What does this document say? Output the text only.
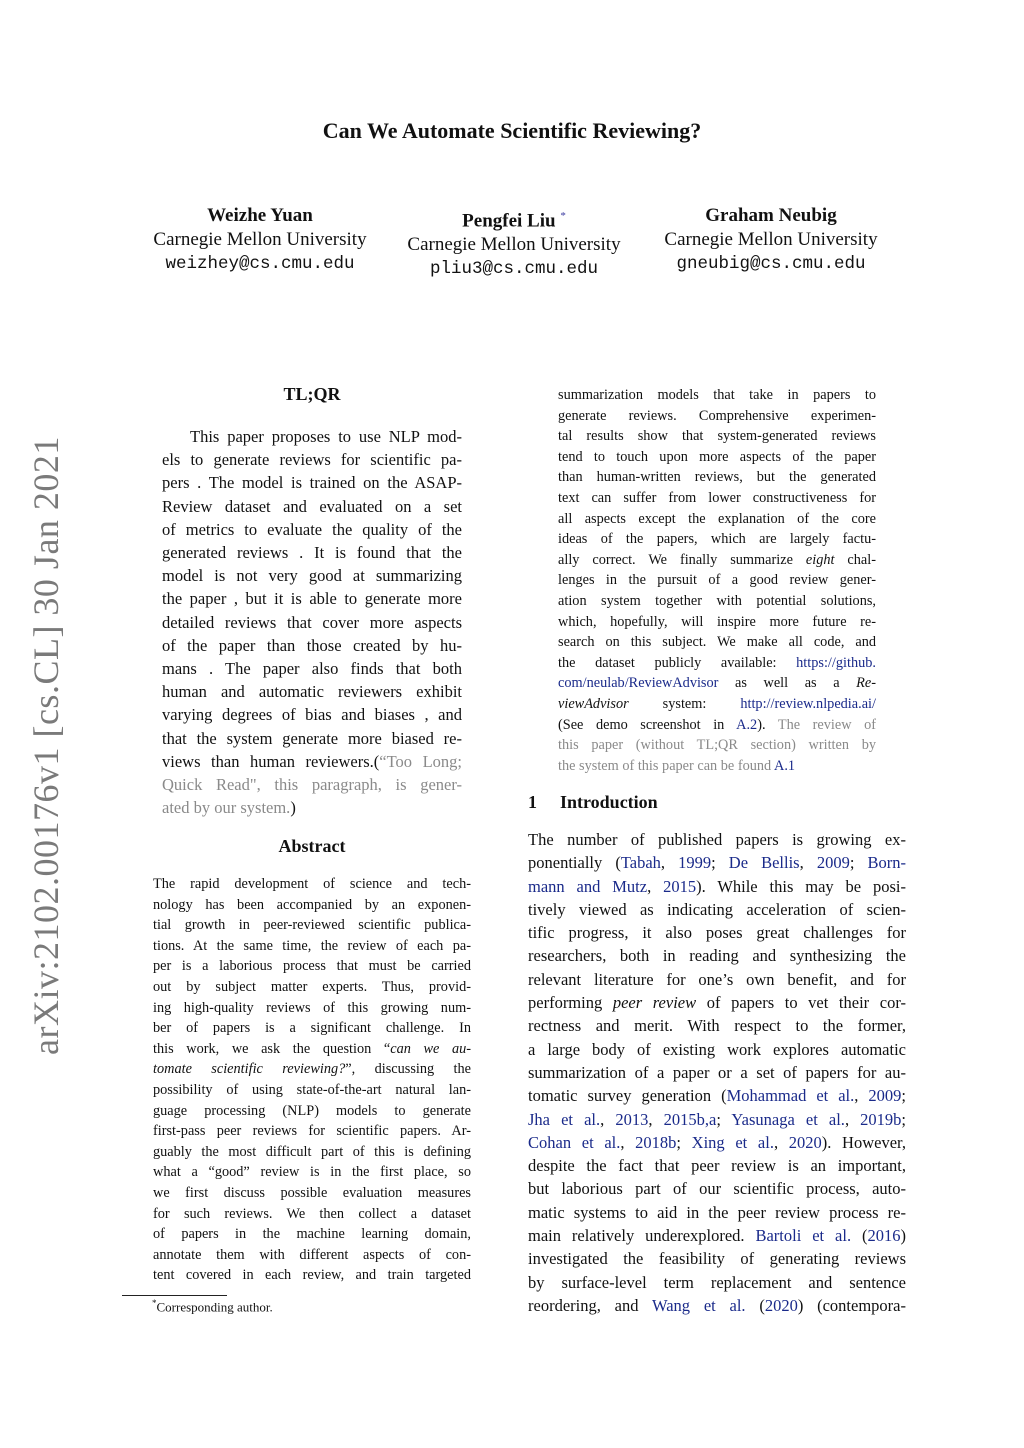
Can We Automate Scientific Reviewing?
Weizhe Yuan
Carnegie Mellon University
weizhey@cs.cmu.edu
Pengfei Liu *
Carnegie Mellon University
pliu3@cs.cmu.edu
Graham Neubig
Carnegie Mellon University
gneubig@cs.cmu.edu
arXiv:2102.00176v1 [cs.CL] 30 Jan 2021
TL;QR
This paper proposes to use NLP mod-
els to generate reviews for scientific pa-
pers . The model is trained on the ASAP-
Review dataset and evaluated on a set
of metrics to evaluate the quality of the
generated reviews . It is found that the
model is not very good at summarizing
the paper , but it is able to generate more
detailed reviews that cover more aspects
of the paper than those created by hu-
mans . The paper also finds that both
human and automatic reviewers exhibit
varying degrees of bias and biases , and
that the system generate more biased re-
views than human reviewers.(“Too Long;
Quick Read", this paragraph, is gener-
ated by our system.)
Abstract
The rapid development of science and tech-
nology has been accompanied by an exponen-
tial growth in peer-reviewed scientific publica-
tions. At the same time, the review of each pa-
per is a laborious process that must be carried
out by subject matter experts. Thus, provid-
ing high-quality reviews of this growing num-
ber of papers is a significant challenge. In
this work, we ask the question “can we au-
tomate scientific reviewing?”, discussing the
possibility of using state-of-the-art natural lan-
guage processing (NLP) models to generate
first-pass peer reviews for scientific papers. Ar-
guably the most difficult part of this is defining
what a “good” review is in the first place, so
we first discuss possible evaluation measures
for such reviews. We then collect a dataset
of papers in the machine learning domain,
annotate them with different aspects of con-
tent covered in each review, and train targeted
*Corresponding author.
summarization models that take in papers to
generate reviews. Comprehensive experimen-
tal results show that system-generated reviews
tend to touch upon more aspects of the paper
than human-written reviews, but the generated
text can suffer from lower constructiveness for
all aspects except the explanation of the core
ideas of the papers, which are largely factu-
ally correct. We finally summarize eight chal-
lenges in the pursuit of a good review gener-
ation system together with potential solutions,
which, hopefully, will inspire more future re-
search on this subject. We make all code, and
the dataset publicly available: https://github.
com/neulab/ReviewAdvisor as well as a Re-
viewAdvisor system: http://review.nlpedia.ai/
(See demo screenshot in A.2). The review of
this paper (without TL;QR section) written by
the system of this paper can be found A.1
1 Introduction
The number of published papers is growing ex-
ponentially (Tabah, 1999; De Bellis, 2009; Born-
mann and Mutz, 2015). While this may be posi-
tively viewed as indicating acceleration of scien-
tific progress, it also poses great challenges for
researchers, both in reading and synthesizing the
relevant literature for one’s own benefit, and for
performing peer review of papers to vet their cor-
rectness and merit. With respect to the former,
a large body of existing work explores automatic
summarization of a paper or a set of papers for au-
tomatic survey generation (Mohammad et al., 2009;
Jha et al., 2013, 2015b,a; Yasunaga et al., 2019b;
Cohan et al., 2018b; Xing et al., 2020). However,
despite the fact that peer review is an important,
but laborious part of our scientific process, auto-
matic systems to aid in the peer review process re-
main relatively underexplored. Bartoli et al. (2016)
investigated the feasibility of generating reviews
by surface-level term replacement and sentence
reordering, and Wang et al. (2020) (contempora-
